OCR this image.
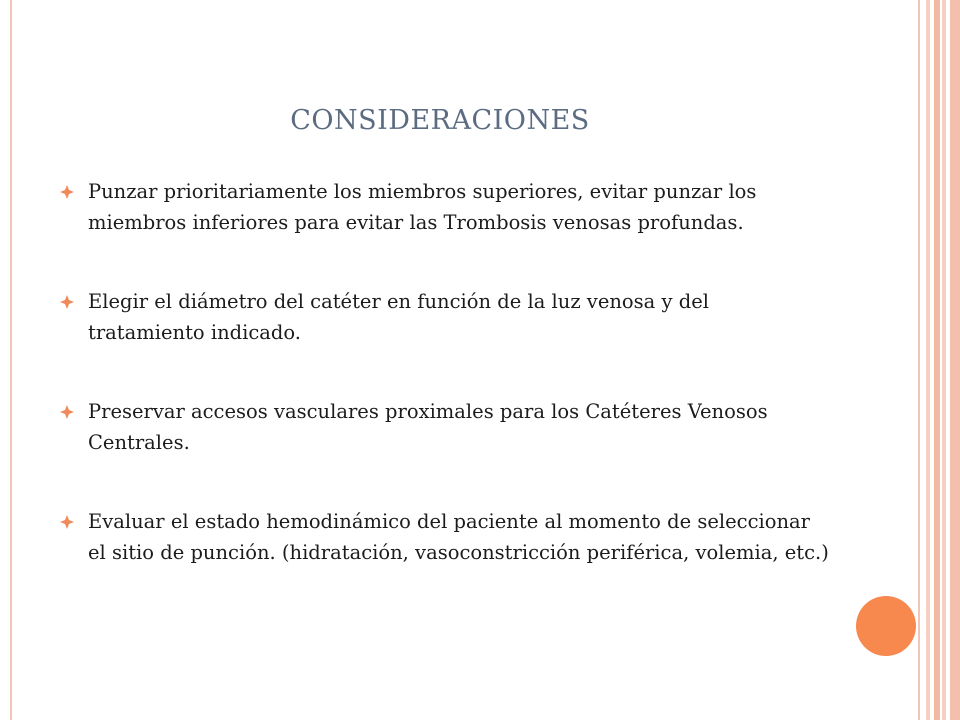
CONSIDERACIONES
Punzar prioritariamente los miembros superiores, evitar punzar los miembros inferiores para evitar las Trombosis venosas profundas.
Elegir el diámetro del catéter en función de la luz venosa y del tratamiento indicado.
Preservar accesos vasculares proximales para los Catéteres Venosos Centrales.
Evaluar el estado hemodinámico del paciente al momento de seleccionar el sitio de punción. (hidratación, vasoconstricción periférica, volemia, etc.)
